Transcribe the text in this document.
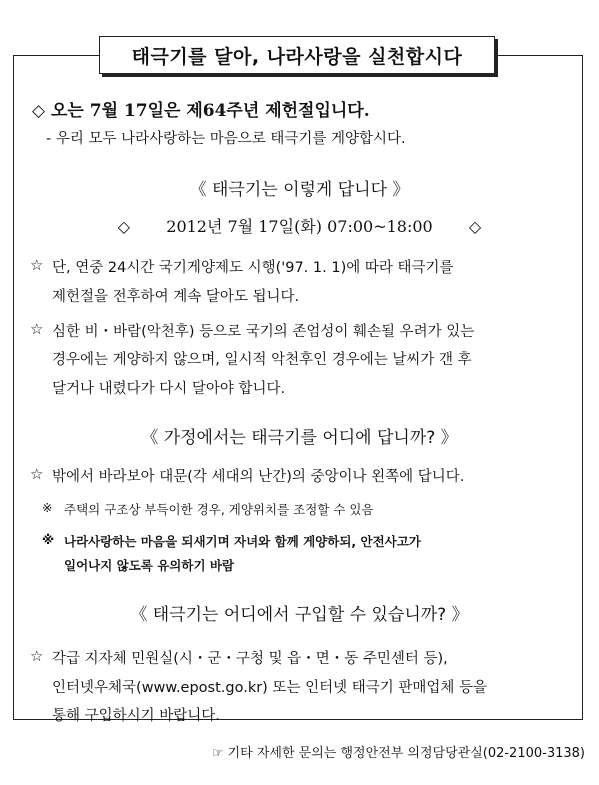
태극기를 달아, 나라사랑을 실천합시다
◇ 오는 7월 17일은 제64주년 제헌절입니다.
- 우리 모두 나라사랑하는 마음으로 태극기를 게양합시다.
《 태극기는 이렇게 답니다 》
◇ 2012년 7월 17일(화) 07:00~18:00 ◇
☆ 단, 연중 24시간 국기게양제도 시행('97. 1. 1)에 따라 태극기를
제헌절을 전후하여 계속 달아도 됩니다.
☆ 심한 비・바람(악천후) 등으로 국기의 존엄성이 훼손될 우려가 있는
경우에는 게양하지 않으며, 일시적 악천후인 경우에는 날씨가 갠 후
달거나 내렸다가 다시 달아야 합니다.
《 가정에서는 태극기를 어디에 답니까? 》
☆ 밖에서 바라보아 대문(각 세대의 난간)의 중앙이나 왼쪽에 답니다.
※ 주택의 구조상 부득이한 경우, 게양위치를 조정할 수 있음
※ 나라사랑하는 마음을 되새기며 자녀와 함께 게양하되, 안전사고가
일어나지 않도록 유의하기 바람
《 태극기는 어디에서 구입할 수 있습니까? 》
☆ 각급 지자체 민원실(시・군・구청 및 읍・면・동 주민센터 등),
인터넷우체국(www.epost.go.kr) 또는 인터넷 태극기 판매업체 등을
통해 구입하시기 바랍니다.
☞ 기타 자세한 문의는 행정안전부 의정담당관실(02-2100-3138)
